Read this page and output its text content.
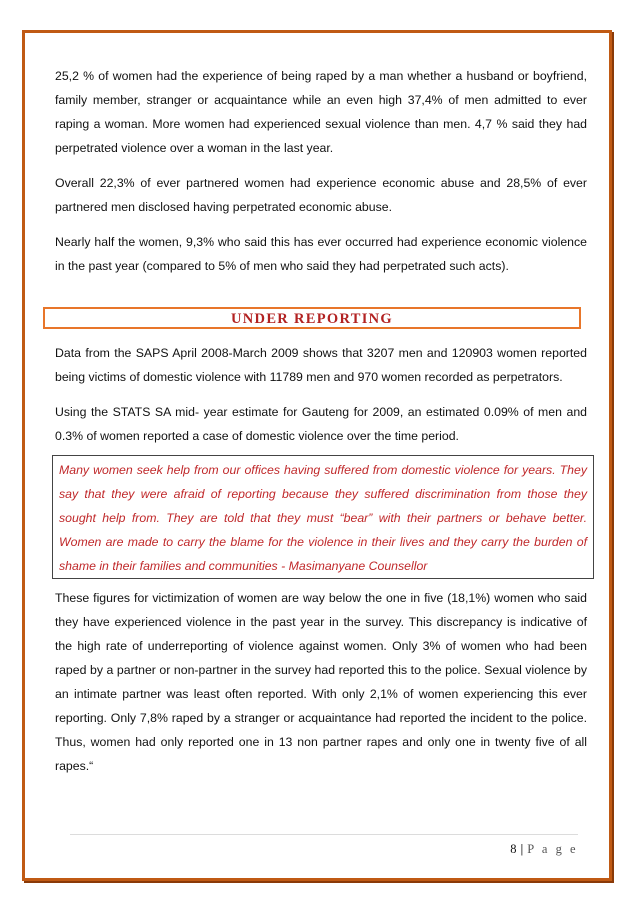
25,2 % of women had the experience of being raped by a man whether a husband or boyfriend, family member, stranger or acquaintance while an even high 37,4% of men admitted to ever raping a woman. More women had experienced sexual violence than men. 4,7 % said they had perpetrated violence over a woman in the last year.

Overall 22,3% of ever partnered women had experience economic abuse and 28,5% of ever partnered men disclosed having perpetrated economic abuse.

Nearly half the women, 9,3% who said this has ever occurred had experience economic violence in the past year (compared to 5% of men who said they had perpetrated such acts).

UNDER REPORTING

Data from the SAPS April 2008-March 2009 shows that 3207 men and 120903 women reported being victims of domestic violence with 11789 men and 970 women recorded as perpetrators.

Using the STATS SA mid- year estimate for Gauteng for 2009, an estimated 0.09% of men and 0.3% of women reported a case of domestic violence over the time period.

Many women seek help from our offices having suffered from domestic violence for years. They say that they were afraid of reporting because they suffered discrimination from those they sought help from. They are told that they must “bear” with their partners or behave better. Women are made to carry the blame for the violence in their lives and they carry the burden of shame in their families and communities - Masimanyane Counsellor

These figures for victimization of women are way below the one in five (18,1%) women who said they have experienced violence in the past year in the survey. This discrepancy is indicative of the high rate of underreporting of violence against women. Only 3% of women who had been raped by a partner or non-partner in the survey had reported this to the police. Sexual violence by an intimate partner was least often reported. With only 2,1% of women experiencing this ever reporting. Only 7,8% raped by a stranger or acquaintance had reported the incident to the police. Thus, women had only reported one in 13 non partner rapes and only one in twenty five of all rapes.“

8 | P a g e
